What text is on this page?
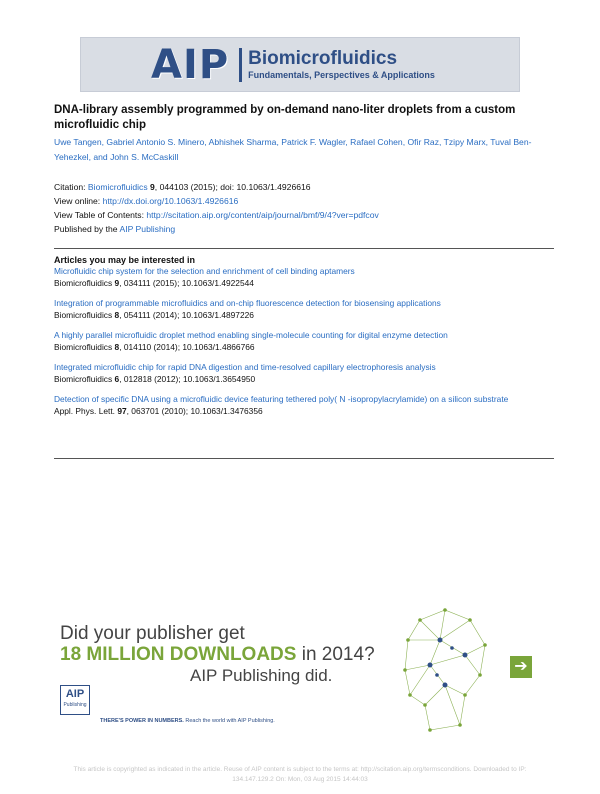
AIP Biomicrofluidics
Fundamentals, Perspectives & Applications
DNA-library assembly programmed by on-demand nano-liter droplets from a custom microfluidic chip
Uwe Tangen, Gabriel Antonio S. Minero, Abhishek Sharma, Patrick F. Wagler, Rafael Cohen, Ofir Raz, Tzipy Marx, Tuval Ben-Yehezkel, and John S. McCaskill
Citation: Biomicrofluidics 9, 044103 (2015); doi: 10.1063/1.4926616
View online: http://dx.doi.org/10.1063/1.4926616
View Table of Contents: http://scitation.aip.org/content/aip/journal/bmf/9/4?ver=pdfcov
Published by the AIP Publishing
Articles you may be interested in
Microfluidic chip system for the selection and enrichment of cell binding aptamers
Biomicrofluidics 9, 034111 (2015); 10.1063/1.4922544
Integration of programmable microfluidics and on-chip fluorescence detection for biosensing applications
Biomicrofluidics 8, 054111 (2014); 10.1063/1.4897226
A highly parallel microfluidic droplet method enabling single-molecule counting for digital enzyme detection
Biomicrofluidics 8, 014110 (2014); 10.1063/1.4866766
Integrated microfluidic chip for rapid DNA digestion and time-resolved capillary electrophoresis analysis
Biomicrofluidics 6, 012818 (2012); 10.1063/1.3654950
Detection of specific DNA using a microfluidic device featuring tethered poly( N -isopropylacrylamide) on a silicon substrate
Appl. Phys. Lett. 97, 063701 (2010); 10.1063/1.3476356
Did your publisher get
18 MILLION DOWNLOADS in 2014?
AIP Publishing did.
AIP
Publishing
THERE'S POWER IN NUMBERS. Reach the world with AIP Publishing.
➔
This article is copyrighted as indicated in the article. Reuse of AIP content is subject to the terms at: http://scitation.aip.org/termsconditions. Downloaded to IP:
134.147.129.2 On: Mon, 03 Aug 2015 14:44:03
